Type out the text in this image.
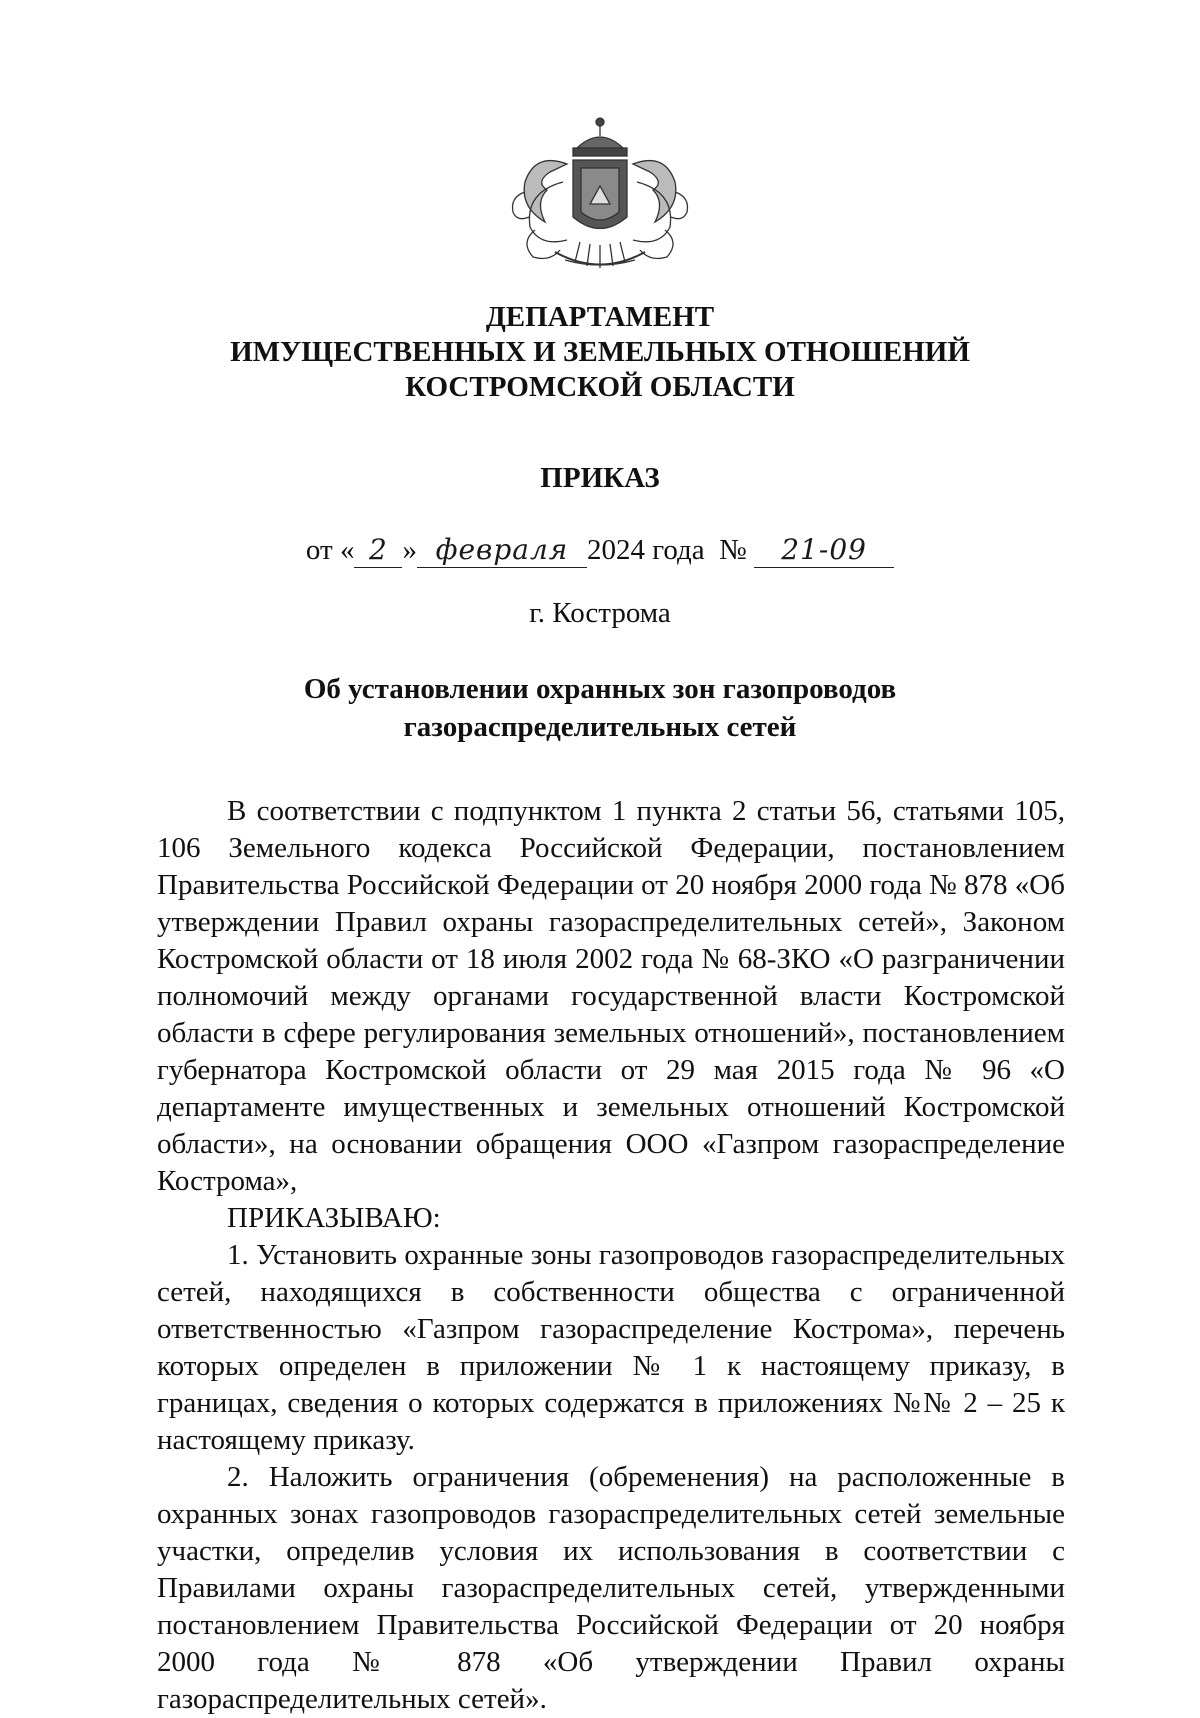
ДЕПАРТАМЕНТ
ИМУЩЕСТВЕННЫХ И ЗЕМЕЛЬНЫХ ОТНОШЕНИЙ
КОСТРОМСКОЙ ОБЛАСТИ
ПРИКАЗ
от « 2 » февраля 2024 года № 21-09
г. Кострома
Об установлении охранных зон газопроводов
газораспределительных сетей

В соответствии с подпунктом 1 пункта 2 статьи 56, статьями 105, 106 Земельного кодекса Российской Федерации, постановлением Правительства Российской Федерации от 20 ноября 2000 года № 878 «Об утверждении Правил охраны газораспределительных сетей», Законом Костромской области от 18 июля 2002 года № 68-ЗКО «О разграничении полномочий между органами государственной власти Костромской области в сфере регулирования земельных отношений», постановлением губернатора Костромской области от 29 мая 2015 года № 96 «О департаменте имущественных и земельных отношений Костромской области», на основании обращения ООО «Газпром газораспределение Кострома»,

ПРИКАЗЫВАЮ:

1. Установить охранные зоны газопроводов газораспределительных сетей, находящихся в собственности общества с ограниченной ответственностью «Газпром газораспределение Кострома», перечень которых определен в приложении № 1 к настоящему приказу, в границах, сведения о которых содержатся в приложениях №№ 2 – 25 к настоящему приказу.

2. Наложить ограничения (обременения) на расположенные в охранных зонах газопроводов газораспределительных сетей земельные участки, определив условия их использования в соответствии с Правилами охраны газораспределительных сетей, утвержденными постановлением Правительства Российской Федерации от 20 ноября 2000 года № 878 «Об утверждении Правил охраны газораспределительных сетей».
